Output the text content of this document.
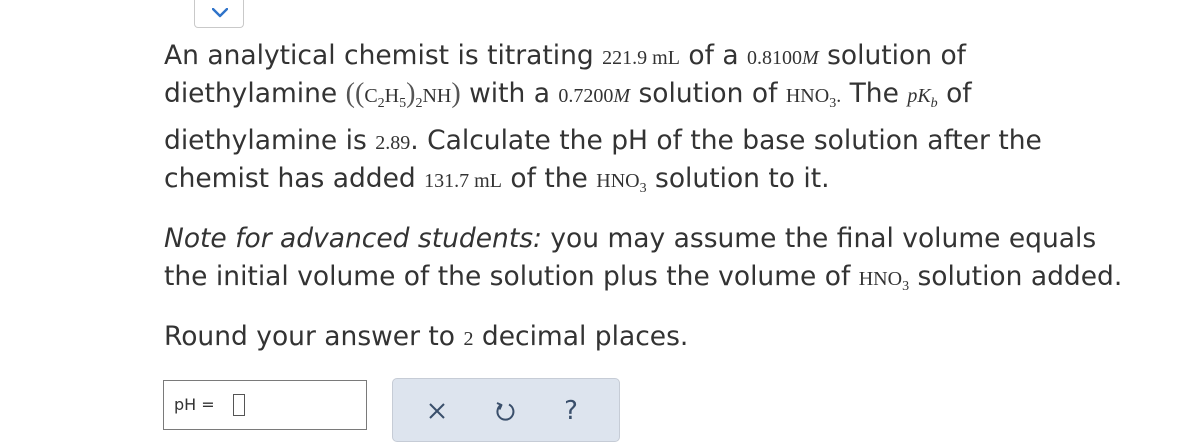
An analytical chemist is titrating 221.9 mL of a 0.8100M solution of
diethylamine $((C_2H_5)_2NH)$ with a 0.7200M solution of $HNO_3$. The $pK_b$ of
diethylamine is 2.89. Calculate the pH of the base solution after the
chemist has added 131.7 mL of the $HNO_3$ solution to it.
Note for advanced students: you may assume the final volume equals
the initial volume of the solution plus the volume of $HNO_3$ solution added.
Round your answer to 2 decimal places.
pH =	?
